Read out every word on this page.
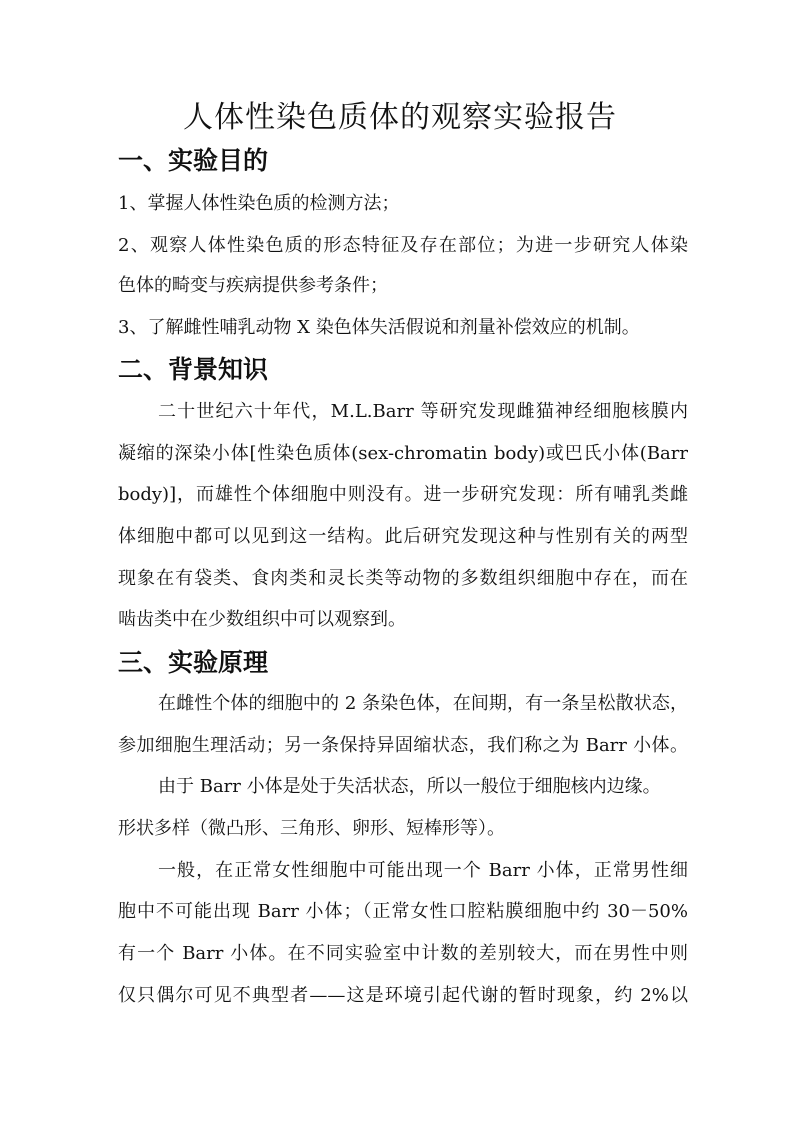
人体性染色质体的观察实验报告
一、实验目的
1、掌握人体性染色质的检测方法；
2、观察人体性染色质的形态特征及存在部位；为进一步研究人体染
色体的畸变与疾病提供参考条件；
3、了解雌性哺乳动物 X 染色体失活假说和剂量补偿效应的机制。
二、背景知识
二十世纪六十年代，M.L.Barr 等研究发现雌猫神经细胞核膜内
凝缩的深染小体[性染色质体(sex-chromatin body)或巴氏小体(Barr
body)]，而雄性个体细胞中则没有。进一步研究发现：所有哺乳类雌
体细胞中都可以见到这一结构。此后研究发现这种与性别有关的两型
现象在有袋类、食肉类和灵长类等动物的多数组织细胞中存在，而在
啮齿类中在少数组织中可以观察到。
三、实验原理
在雌性个体的细胞中的 2 条染色体，在间期，有一条呈松散状态，
参加细胞生理活动；另一条保持异固缩状态，我们称之为 Barr 小体。
由于 Barr 小体是处于失活状态，所以一般位于细胞核内边缘。
形状多样（微凸形、三角形、卵形、短棒形等）。
一般，在正常女性细胞中可能出现一个 Barr 小体，正常男性细
胞中不可能出现 Barr 小体；（正常女性口腔粘膜细胞中约 30－50%
有一个 Barr 小体。在不同实验室中计数的差别较大，而在男性中则
仅只偶尔可见不典型者——这是环境引起代谢的暂时现象，约 2%以
